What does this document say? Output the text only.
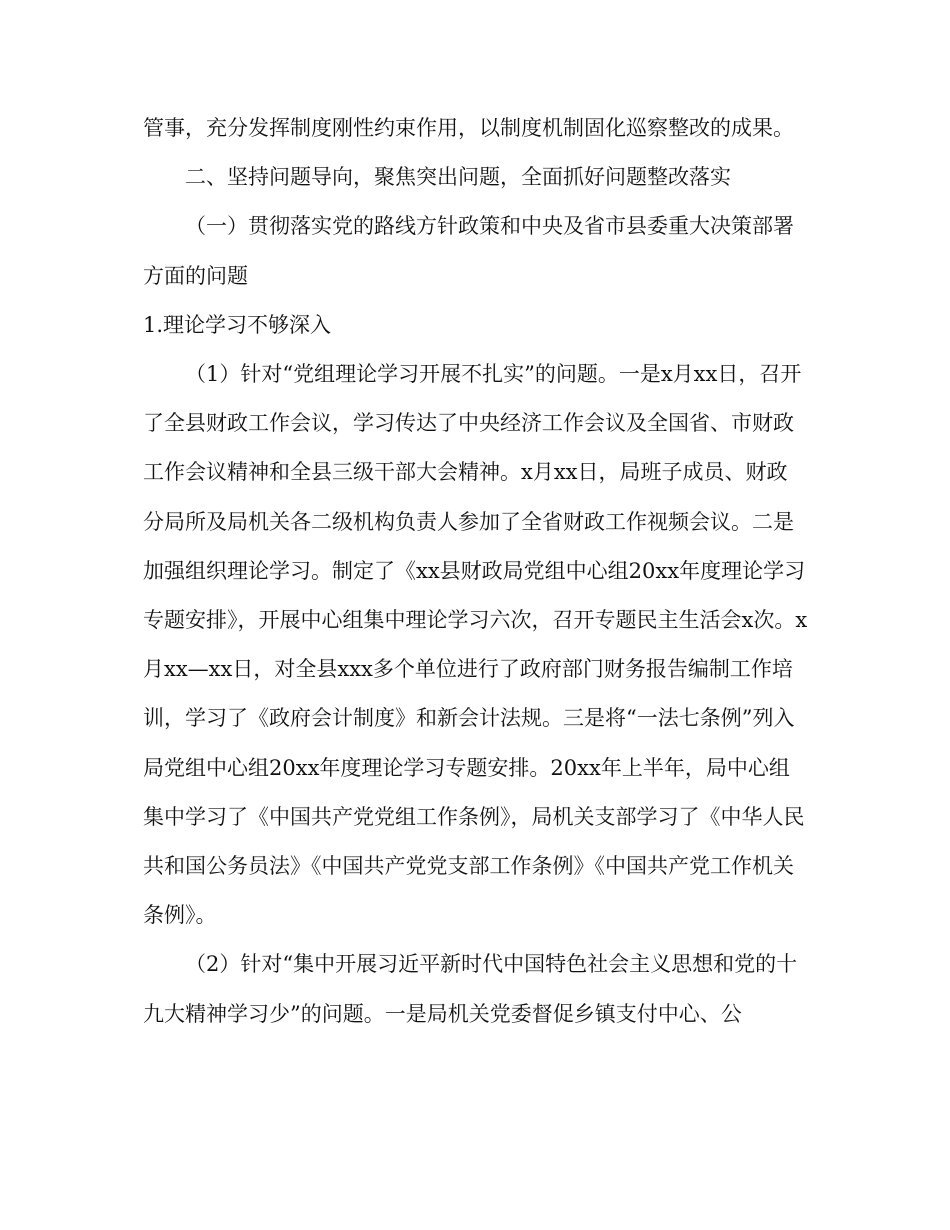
管事，充分发挥制度刚性约束作用，以制度机制固化巡察整改的成果。

二、坚持问题导向，聚焦突出问题，全面抓好问题整改落实

（一）贯彻落实党的路线方针政策和中央及省市县委重大决策部署方面的问题

1.理论学习不够深入

（1）针对“党组理论学习开展不扎实”的问题。一是x月xx日，召开了全县财政工作会议，学习传达了中央经济工作会议及全国省、市财政工作会议精神和全县三级干部大会精神。x月xx日，局班子成员、财政分局所及局机关各二级机构负责人参加了全省财政工作视频会议。二是加强组织理论学习。制定了《xx县财政局党组中心组20xx年度理论学习专题安排》，开展中心组集中理论学习六次，召开专题民主生活会x次。x月xx—xx日，对全县xxx多个单位进行了政府部门财务报告编制工作培训，学习了《政府会计制度》和新会计法规。三是将“一法七条例”列入局党组中心组20xx年度理论学习专题安排。20xx年上半年，局中心组集中学习了《中国共产党党组工作条例》，局机关支部学习了《中华人民共和国公务员法》《中国共产党党支部工作条例》《中国共产党工作机关条例》。

（2）针对“集中开展习近平新时代中国特色社会主义思想和党的十九大精神学习少”的问题。一是局机关党委督促乡镇支付中心、公
